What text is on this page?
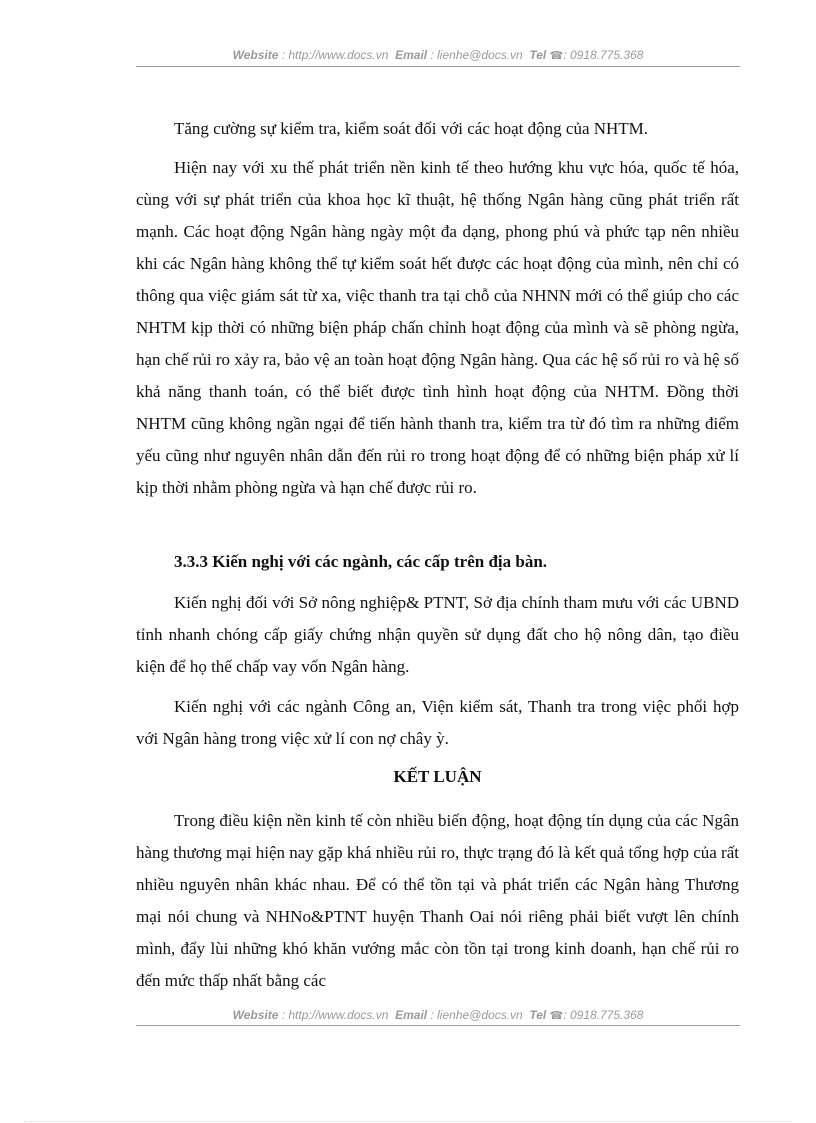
Website : http://www.docs.vn Email : lienhe@docs.vn Tel ☎: 0918.775.368

Tăng cường sự kiểm tra, kiểm soát đối với các hoạt động của NHTM.

Hiện nay với xu thế phát triển nền kinh tế theo hướng khu vực hóa, quốc tế hóa, cùng với sự phát triển của khoa học kĩ thuật, hệ thống Ngân hàng cũng phát triển rất mạnh. Các hoạt động Ngân hàng ngày một đa dạng, phong phú và phức tạp nên nhiều khi các Ngân hàng không thể tự kiểm soát hết được các hoạt động của mình, nên chỉ có thông qua việc giám sát từ xa, việc thanh tra tại chỗ của NHNN mới có thể giúp cho các NHTM kịp thời có những biện pháp chấn chỉnh hoạt động của mình và sẽ phòng ngừa, hạn chế rủi ro xảy ra, bảo vệ an toàn hoạt động Ngân hàng. Qua các hệ số rủi ro và hệ số khả năng thanh toán, có thể biết được tình hình hoạt động của NHTM. Đồng thời NHTM cũng không ngần ngại để tiến hành thanh tra, kiểm tra từ đó tìm ra những điểm yếu cũng như nguyên nhân dẫn đến rủi ro trong hoạt động để có những biện pháp xử lí kịp thời nhằm phòng ngừa và hạn chế được rủi ro.

3.3.3 Kiến nghị với các ngành, các cấp trên địa bàn.

Kiến nghị đối với Sở nông nghiệp& PTNT, Sở địa chính tham mưu với các UBND tỉnh nhanh chóng cấp giấy chứng nhận quyền sử dụng đất cho hộ nông dân, tạo điều kiện để họ thế chấp vay vốn Ngân hàng.

Kiến nghị với các ngành Công an, Viện kiểm sát, Thanh tra trong việc phối hợp với Ngân hàng trong việc xử lí con nợ chây ỳ.

KẾT LUẬN

Trong điều kiện nền kinh tế còn nhiều biến động, hoạt động tín dụng của các Ngân hàng thương mại hiện nay gặp khá nhiều rủi ro, thực trạng đó là kết quả tổng hợp của rất nhiều nguyên nhân khác nhau. Để có thể tồn tại và phát triển các Ngân hàng Thương mại nói chung và NHNo&PTNT huyện Thanh Oai nói riêng phải biết vượt lên chính mình, đẩy lùi những khó khăn vướng mắc còn tồn tại trong kinh doanh, hạn chế rủi ro đến mức thấp nhất bằng các

Website : http://www.docs.vn Email : lienhe@docs.vn Tel ☎: 0918.775.368
